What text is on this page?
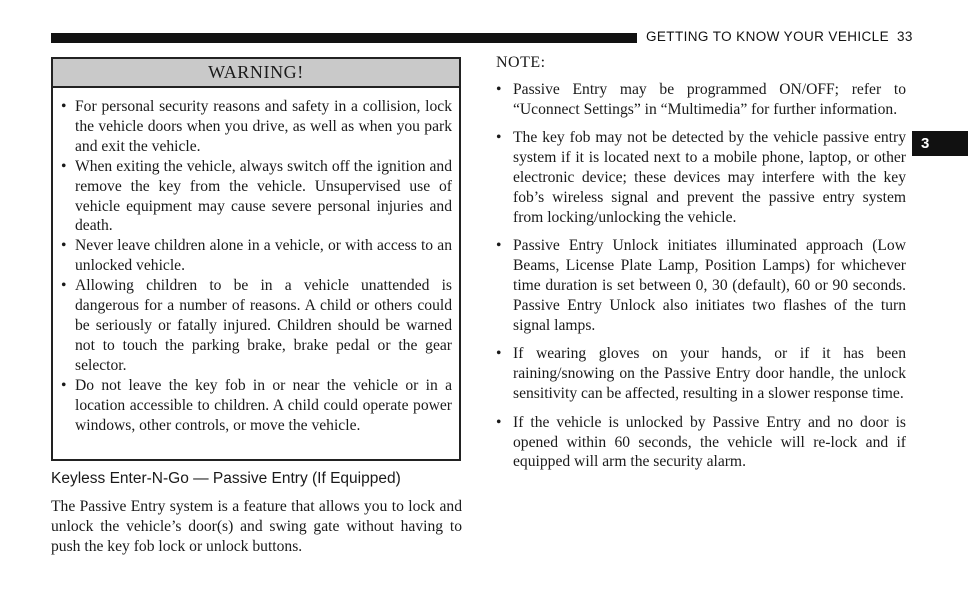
GETTING TO KNOW YOUR VEHICLE 33
3
WARNING!
• For personal security reasons and safety in a collision, lock the vehicle doors when you drive, as well as when you park and exit the vehicle.
• When exiting the vehicle, always switch off the ignition and remove the key from the vehicle. Unsupervised use of vehicle equipment may cause severe personal injuries and death.
• Never leave children alone in a vehicle, or with access to an unlocked vehicle.
• Allowing children to be in a vehicle unattended is dangerous for a number of reasons. A child or others could be seriously or fatally injured. Children should be warned not to touch the parking brake, brake pedal or the gear selector.
• Do not leave the key fob in or near the vehicle or in a location accessible to children. A child could operate power windows, other controls, or move the vehicle.
Keyless Enter-N-Go — Passive Entry (If Equipped)

The Passive Entry system is a feature that allows you to lock and unlock the vehicle’s door(s) and swing gate without having to push the key fob lock or unlock buttons.

NOTE:
• Passive Entry may be programmed ON/OFF; refer to “Uconnect Settings” in “Multimedia” for further information.
• The key fob may not be detected by the vehicle passive entry system if it is located next to a mobile phone, laptop, or other electronic device; these devices may interfere with the key fob’s wireless signal and prevent the passive entry system from locking/unlocking the vehicle.
• Passive Entry Unlock initiates illuminated approach (Low Beams, License Plate Lamp, Position Lamps) for whichever time duration is set between 0, 30 (default), 60 or 90 seconds. Passive Entry Unlock also initiates two flashes of the turn signal lamps.
• If wearing gloves on your hands, or if it has been raining/snowing on the Passive Entry door handle, the unlock sensitivity can be affected, resulting in a slower response time.
• If the vehicle is unlocked by Passive Entry and no door is opened within 60 seconds, the vehicle will re-lock and if equipped will arm the security alarm.
